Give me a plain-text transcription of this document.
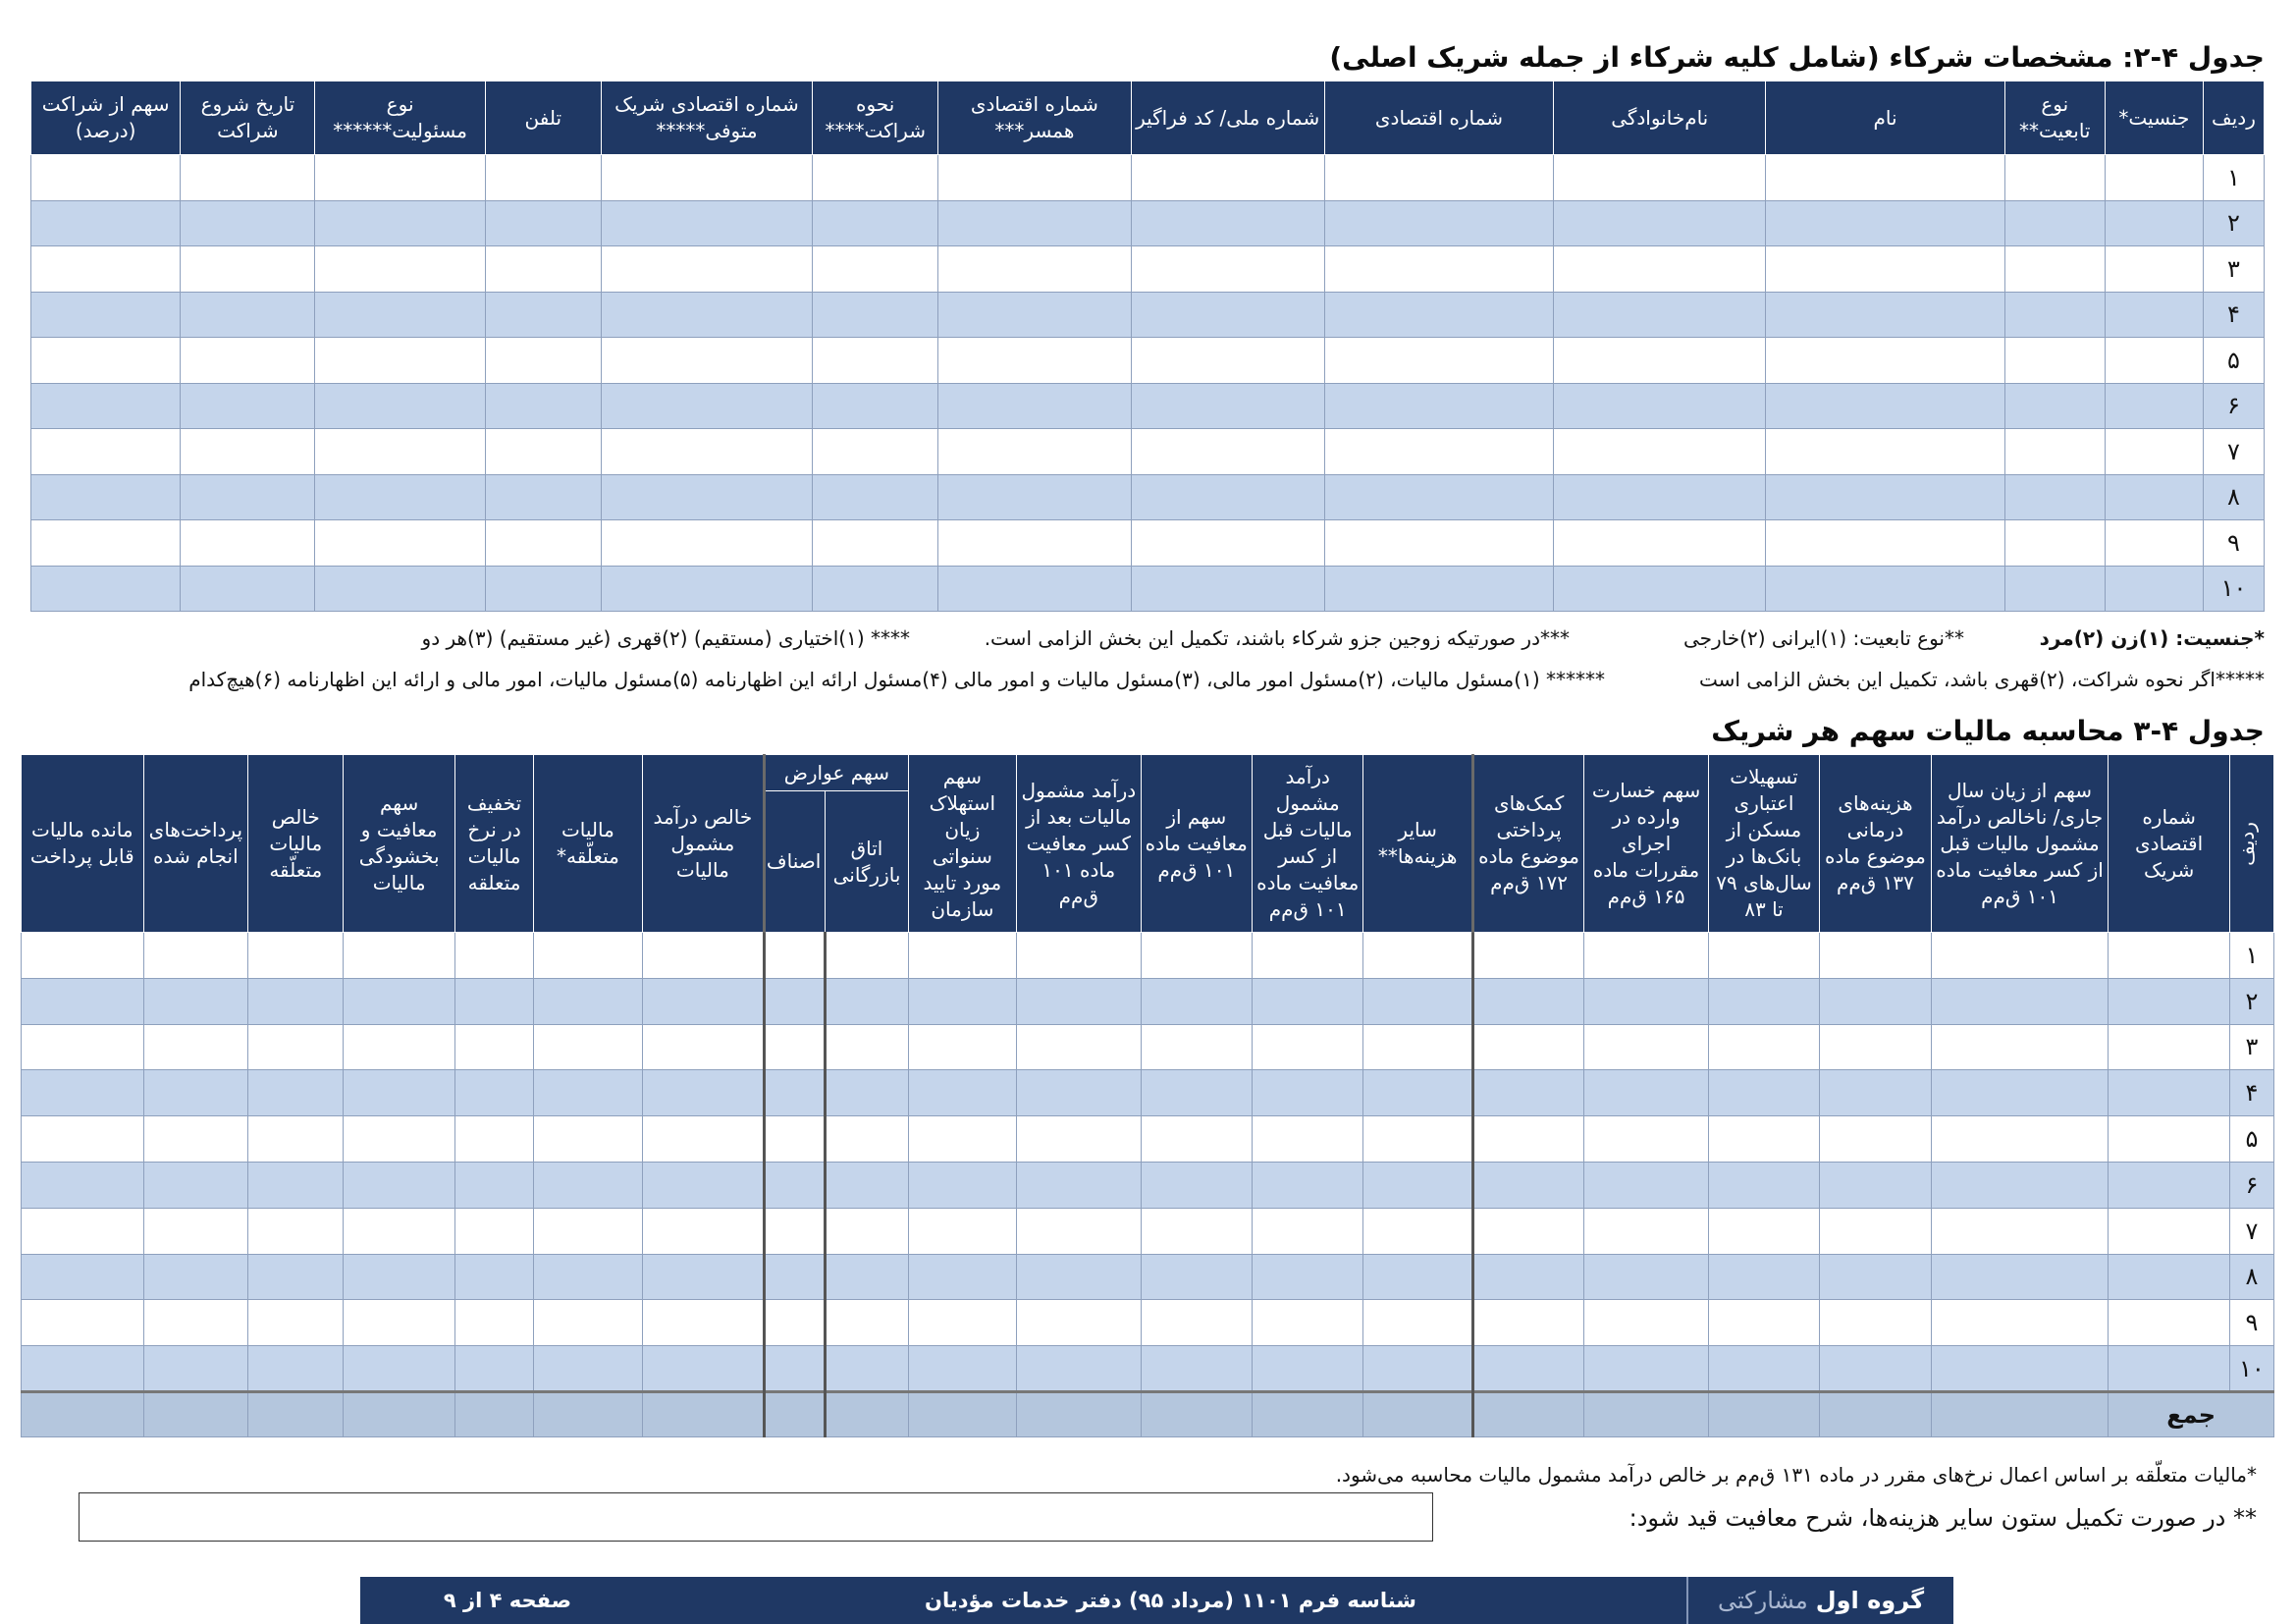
جدول ۴-۲: مشخصات شرکاء (شامل کلیه شرکاء از جمله شریک اصلی)
ردیف	جنسیت*	نوع تابعیت**	نام	نام‌خانوادگی	شماره اقتصادی	شماره ملی/ کد فراگیر	شماره اقتصادی همسر***	نحوه شراکت****	شماره اقتصادی شریک متوفی*****	تلفن	نوع مسئولیت******	تاریخ شروع شراکت	سهم از شراکت (درصد)
۱													
۲													
۳													
۴													
۵													
۶													
۷													
۸													
۹													
۱۰													
*جنسیت: (۱)زن (۲)مرد
**نوع تابعیت: (۱)ایرانی (۲)خارجی
***در صورتیکه زوجین جزو شرکاء باشند، تکمیل این بخش الزامی است.
**** (۱)اختیاری (مستقیم) (۲)قهری (غیر مستقیم) (۳)هر دو
*****اگر نحوه شراکت، (۲)قهری باشد، تکمیل این بخش الزامی است
****** (۱)مسئول مالیات، (۲)مسئول امور مالی، (۳)مسئول مالیات و امور مالی (۴)مسئول ارائه این اظهارنامه (۵)مسئول مالیات، امور مالی و ارائه این اظهارنامه (۶)هیچ‌کدام
جدول ۴-۳ محاسبه مالیات سهم هر شریک
ردیف	شماره اقتصادی شریک	سهم از زیان سال جاری/ ناخالص درآمد مشمول مالیات قبل از کسر معافیت ماده ۱۰۱ ق‌م‌م	هزینه‌های درمانی موضوع ماده ۱۳۷ ق‌م‌م	تسهیلات اعتباری مسکن از بانک‌ها در سال‌های ۷۹ تا ۸۳	سهم خسارت وارده در اجرای مقررات ماده ۱۶۵ ق‌م‌م	کمک‌های پرداختی موضوع ماده ۱۷۲ ق‌م‌م	سایر هزینه‌ها**	درآمد مشمول مالیات قبل از کسر معافیت ماده ۱۰۱ ق‌م‌م	سهم از معافیت ماده ۱۰۱ ق‌م‌م	درآمد مشمول مالیات بعد از کسر معافیت ماده ۱۰۱ ق‌م‌م	سهم استهلاک زیان سنواتی مورد تایید سازمان	سهم عوارض		خالص درآمد مشمول مالیات	مالیات متعلّقه*	تخفیف در نرخ مالیات متعلقه	سهم معافیت و بخشودگی مالیات	خالص مالیات متعلّقه	پرداخت‌های انجام شده	مانده مالیات قابل پرداخت
												اتاق بازرگانی	اصناف							
۱																				
۲																				
۳																				
۴																				
۵																				
۶																				
۷																				
۸																				
۹																				
۱۰																				
جمع																				
*مالیات متعلّقه بر اساس اعمال نرخ‌های مقرر در ماده ۱۳۱ ق‌م‌م بر خالص درآمد مشمول مالیات محاسبه می‌شود.
** در صورت تکمیل ستون سایر هزینه‌ها، شرح معافیت قید شود:
گروه اول
مشارکتی
شناسه فرم ۱۱۰۱ (مرداد ۹۵) دفتر خدمات مؤدیان
صفحه ۴ از ۹
